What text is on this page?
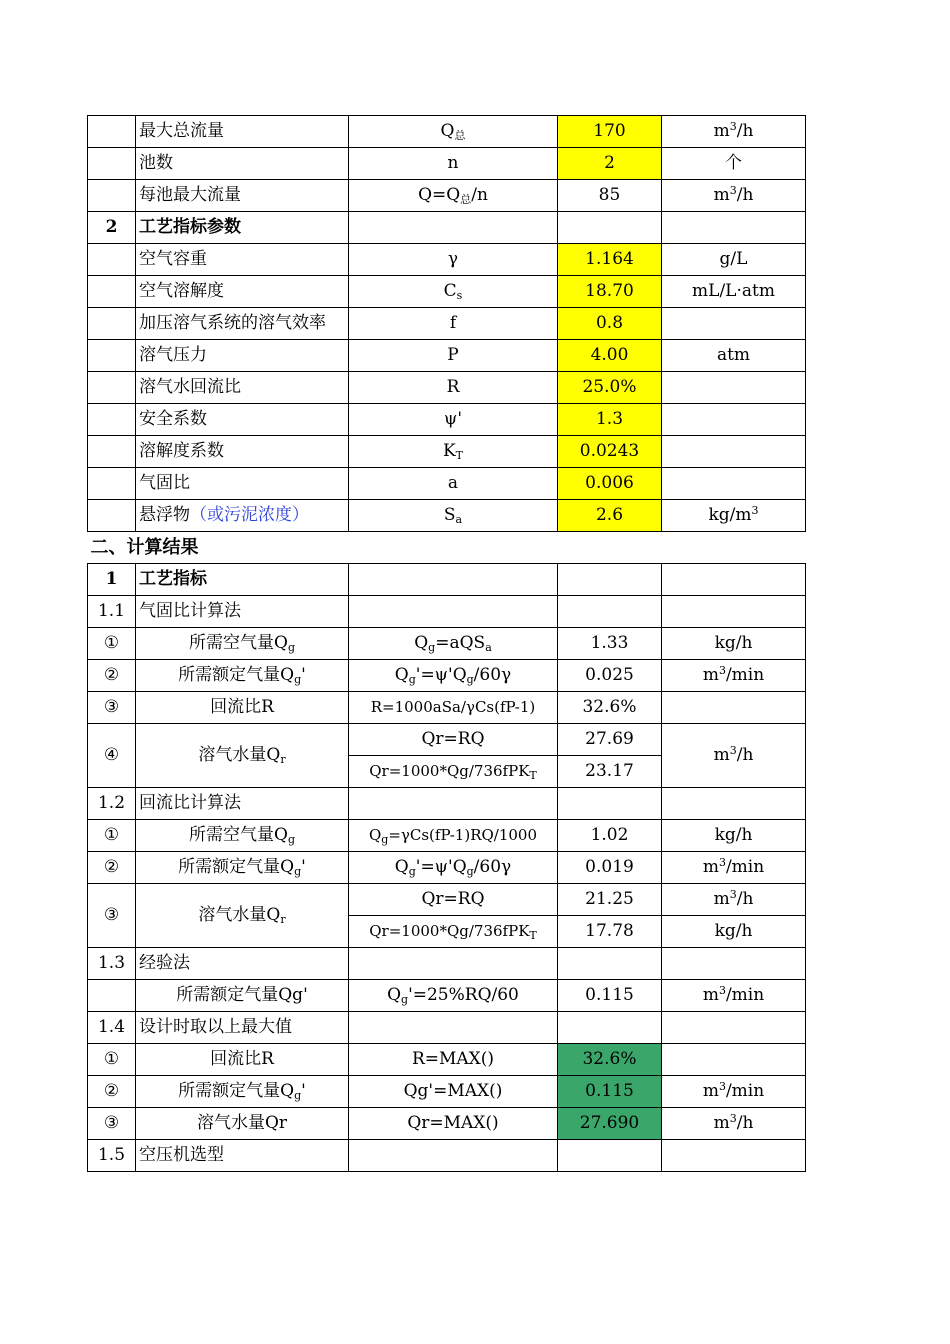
	最大总流量	$Q_总$	170	$m^3/h$
	池数	n	2	个
	每池最大流量	$Q=Q_总/n$	85	$m^3/h$
2	工艺指标参数			
	空气容重	γ	1.164	g/L
	空气溶解度	$C_s$	18.70	mL/L·atm
	加压溶气系统的溶气效率	f	0.8	
	溶气压力	P	4.00	atm
	溶气水回流比	R	25.0%	
	安全系数	ψ'	1.3	
	溶解度系数	$K_T$	0.0243	
	气固比	a	0.006	
	悬浮物（或污泥浓度）	$S_a$	2.6	$kg/m^3$
二、计算结果				
1	工艺指标			
1.1	气固比计算法			
①	所需空气量$Q_g$	$Q_g=aQS_a$	1.33	kg/h
②	所需额定气量$Q_g'$	$Q_g'=\psi'Q_g/60\gamma$	0.025	$m^3/\min$
③	回流比R	R=1000aSa/γCs(fP-1)	32.6%	
④	溶气水量$Q_r$	Qr=RQ	27.69	$m^3/h$
		Qr=1000*Qg/736fPK$_T$	23.17	
1.2	回流比计算法			
①	所需空气量$Q_g$	$Q_g=\gamma Cs(fP-1)RQ/1000$	1.02	kg/h
②	所需额定气量$Q_g'$	$Q_g'=\psi'Q_g/60\gamma$	0.019	$m^3/\min$
③	溶气水量$Q_r$	Qr=RQ	21.25	$m^3/h$
		Qr=1000*Qg/736fPK$_T$	17.78	kg/h
1.3	经验法			
	所需额定气量Qg'	$Q_g'=25\%RQ/60$	0.115	$m^3/\min$
1.4	设计时取以上最大值			
①	回流比R	R=MAX()	32.6%	
②	所需额定气量$Q_g'$	Qg'=MAX()	0.115	$m^3/\min$
③	溶气水量Qr	Qr=MAX()	27.690	$m^3/h$
1.5	空压机选型			
